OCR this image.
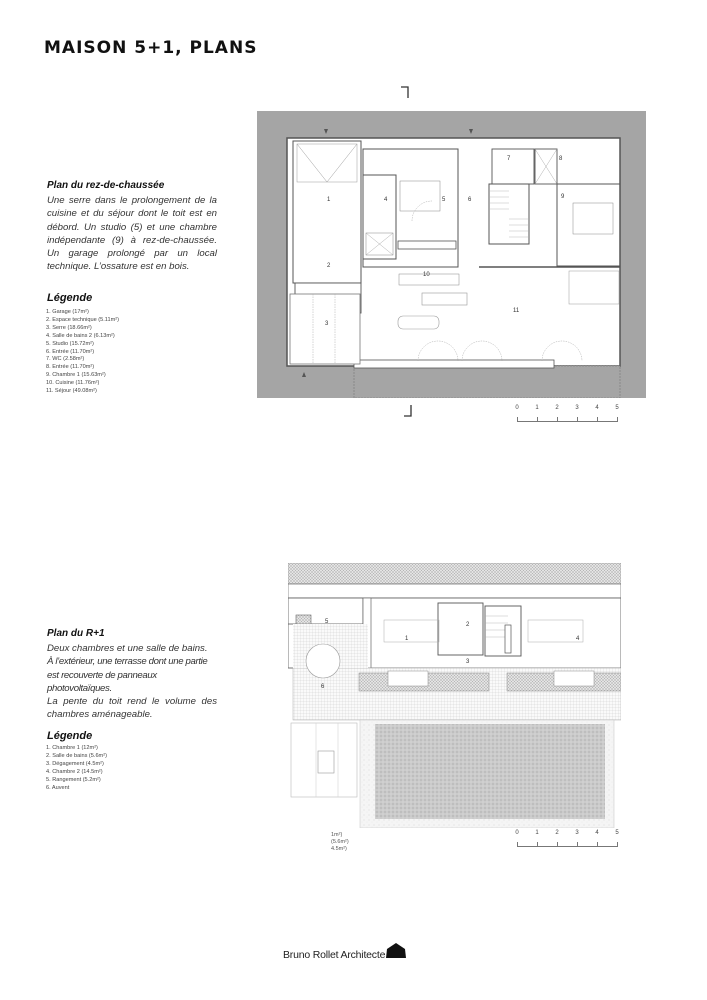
MAISON 5+1, PLANS
Plan du rez-de-chaussée
Une serre dans le prolongement de la cuisine et du séjour dont le toit est en débord. Un studio (5) et une chambre indépendante (9) à rez-de-chaussée. Un garage prolongé par un local technique. L’ossature est en bois.
Légende
1. Garage (17m²)
2. Espace technique (5.11m²)
3. Serre (18.66m²)
4. Salle de bains 2 (6.13m²)
5. Studio (15.72m²)
6. Entrée (11.70m²)
7. WC (2.58m²)
8. Entrée (11.70m²)
9. Chambre 1 (15.63m²)
10. Cuisine (11.76m²)
11. Séjour (49.08m²)
1
2
3
4	5	6
7	8
9
10
11
0	1	2	3	4	5
Plan du R+1
Deux chambres et une salle de bains.
À l’extérieur, une terrasse dont une partie est recouverte de panneaux photovoltaïques.
La pente du toit rend le volume des chambres aménageable.
Légende
1. Chambre 1 (12m²)
2. Salle de bains (5.6m²)
3. Dégagement (4.5m²)
4. Chambre 2 (14.5m²)
5. Rangement (5.2m²)
6. Auvent
1
2
3
4
5
6
1m²)
(5.6m²)
4.5m²)
0	1	2	3	4	5
Bruno Rollet Architecte
